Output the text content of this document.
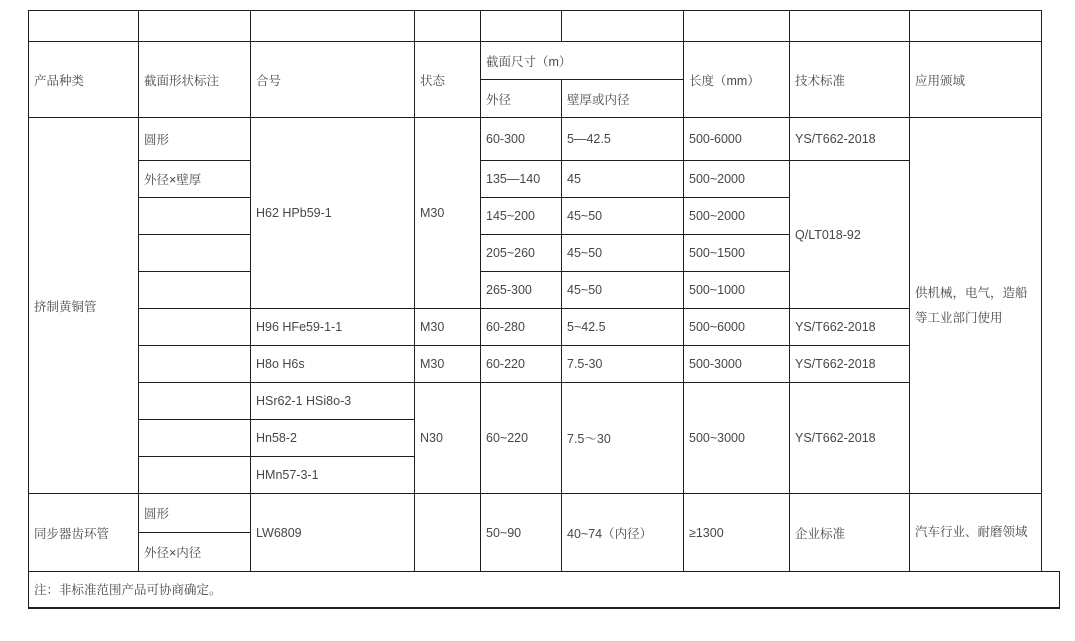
产品种类	截面形状标注	合号	状态	截面尺寸（m）		长度（mm）	技术标准	应用颁域
				外径	壁厚或内径			
挤制黄铜管	圆形	H62 HPb59-1	M30	60-300	5—42.5	500-6000	YS/T662-2018	供机械，电气，造船
等工业部门使用

	外径×壁厚			135—140	45	500~2000	Q/LT018-92	
				145~200	45~50	500~2000		
				205~260	45~50	500~1500		
				265-300	45~50	500~1000		
		H96 HFe59-1-1	M30	60-280	5~42.5	500~6000	YS/T662-2018	
		H8o H6s	M30	60-220	7.5-30	500-3000	YS/T662-2018	
		HSr62-1 HSi8o-3	N30	60~220	7.5～30	500~3000	YS/T662-2018	
		Hn58-2						
		HMn57-3-1						
同步器齿环管	圆形	LW6809		50~90	40~74（内径）	≥1300	企业标准	汽车行业、耐磨领域

	外径×内径							
注：非标准范围产品可协商确定。
